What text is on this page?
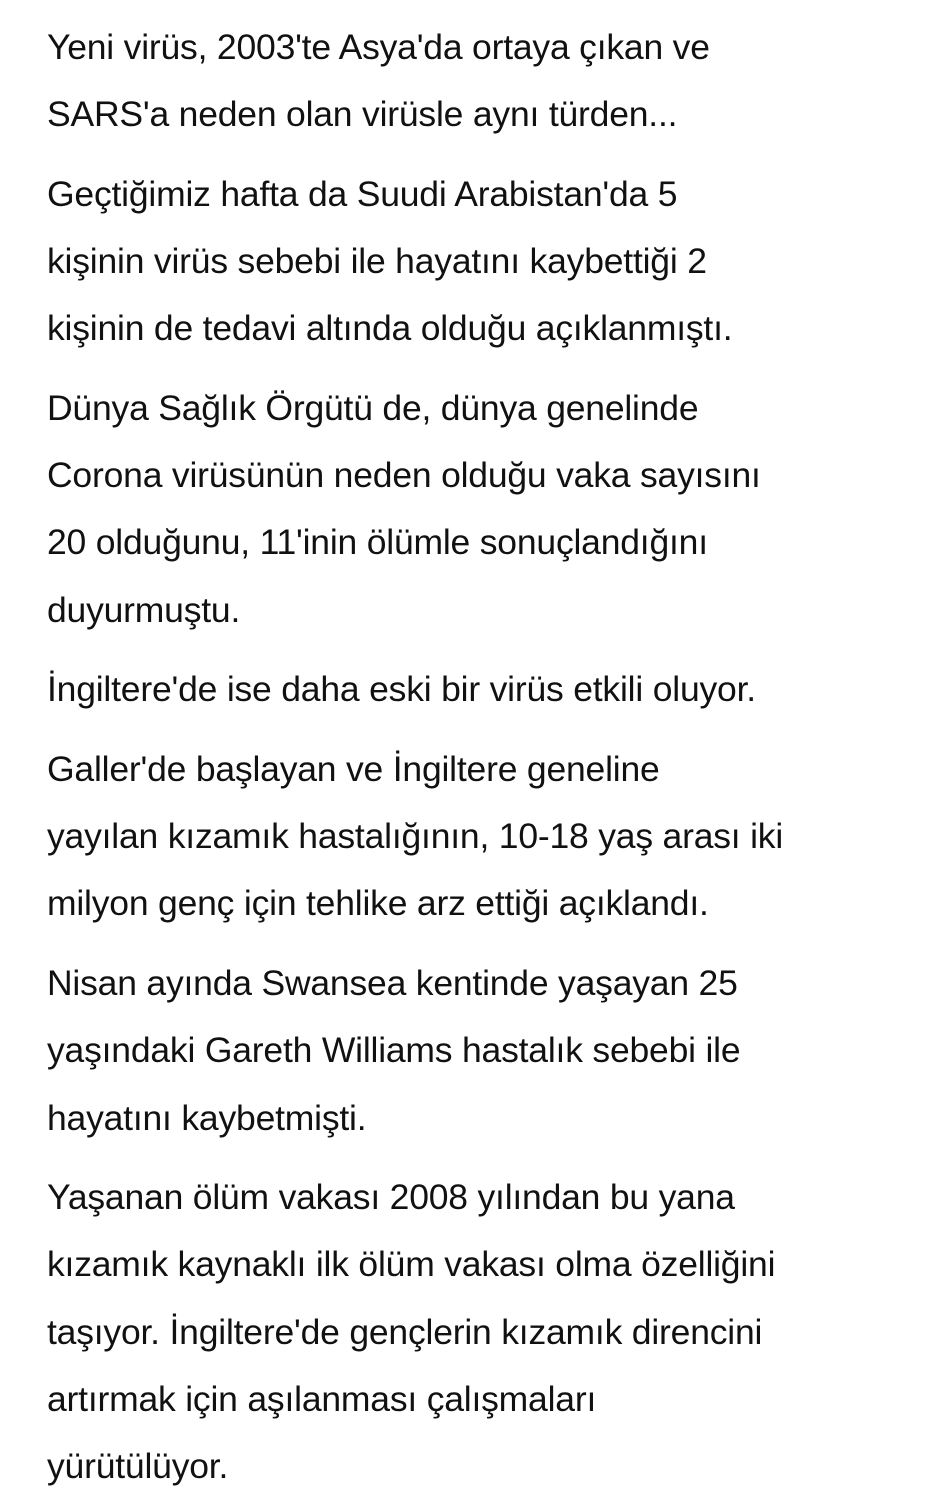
Yeni virüs, 2003'te Asya'da ortaya çıkan ve
SARS'a neden olan virüsle aynı türden...

Geçtiğimiz hafta da Suudi Arabistan'da 5
kişinin virüs sebebi ile hayatını kaybettiği 2
kişinin de tedavi altında olduğu açıklanmıştı.

Dünya Sağlık Örgütü de, dünya genelinde
Corona virüsünün neden olduğu vaka sayısını
20 olduğunu, 11'inin ölümle sonuçlandığını
duyurmuştu.

İngiltere'de ise daha eski bir virüs etkili oluyor.

Galler'de başlayan ve İngiltere geneline
yayılan kızamık hastalığının, 10-18 yaş arası iki
milyon genç için tehlike arz ettiği açıklandı.

Nisan ayında Swansea kentinde yaşayan 25
yaşındaki Gareth Williams hastalık sebebi ile
hayatını kaybetmişti.

Yaşanan ölüm vakası 2008 yılından bu yana
kızamık kaynaklı ilk ölüm vakası olma özelliğini
taşıyor. İngiltere'de gençlerin kızamık direncini
artırmak için aşılanması çalışmaları
yürütülüyor.
